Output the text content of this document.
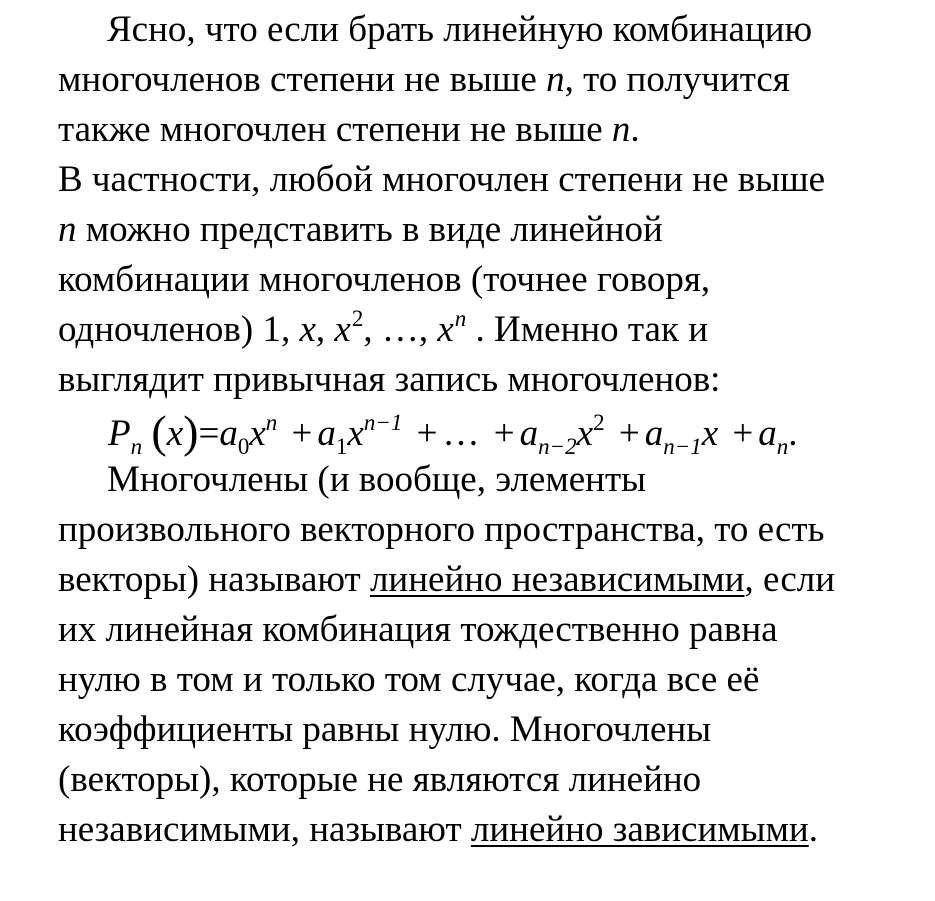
Ясно, что если брать линейную комбинацию
многочленов степени не выше n, то получится
также многочлен степени не выше n.
В частности, любой многочлен степени не выше
n можно представить в виде линейной
комбинации многочленов (точнее говоря,
одночленов) 1, x, $x^2$, …, $x^n$ . Именно так и
выглядит привычная запись многочленов:
$P_n$ $(x)=a_0x^n + a_1x^{n-1}$ + … + $a_{n-2}x^2 + a_{n-1}x + a_n$.
Многочлены (и вообще, элементы
произвольного векторного пространства, то есть
векторы) называют линейно независимыми, если
их линейная комбинация тождественно равна
нулю в том и только том случае, когда все её
коэффициенты равны нулю. Многочлены
(векторы), которые не являются линейно
независимыми, называют линейно зависимыми.
